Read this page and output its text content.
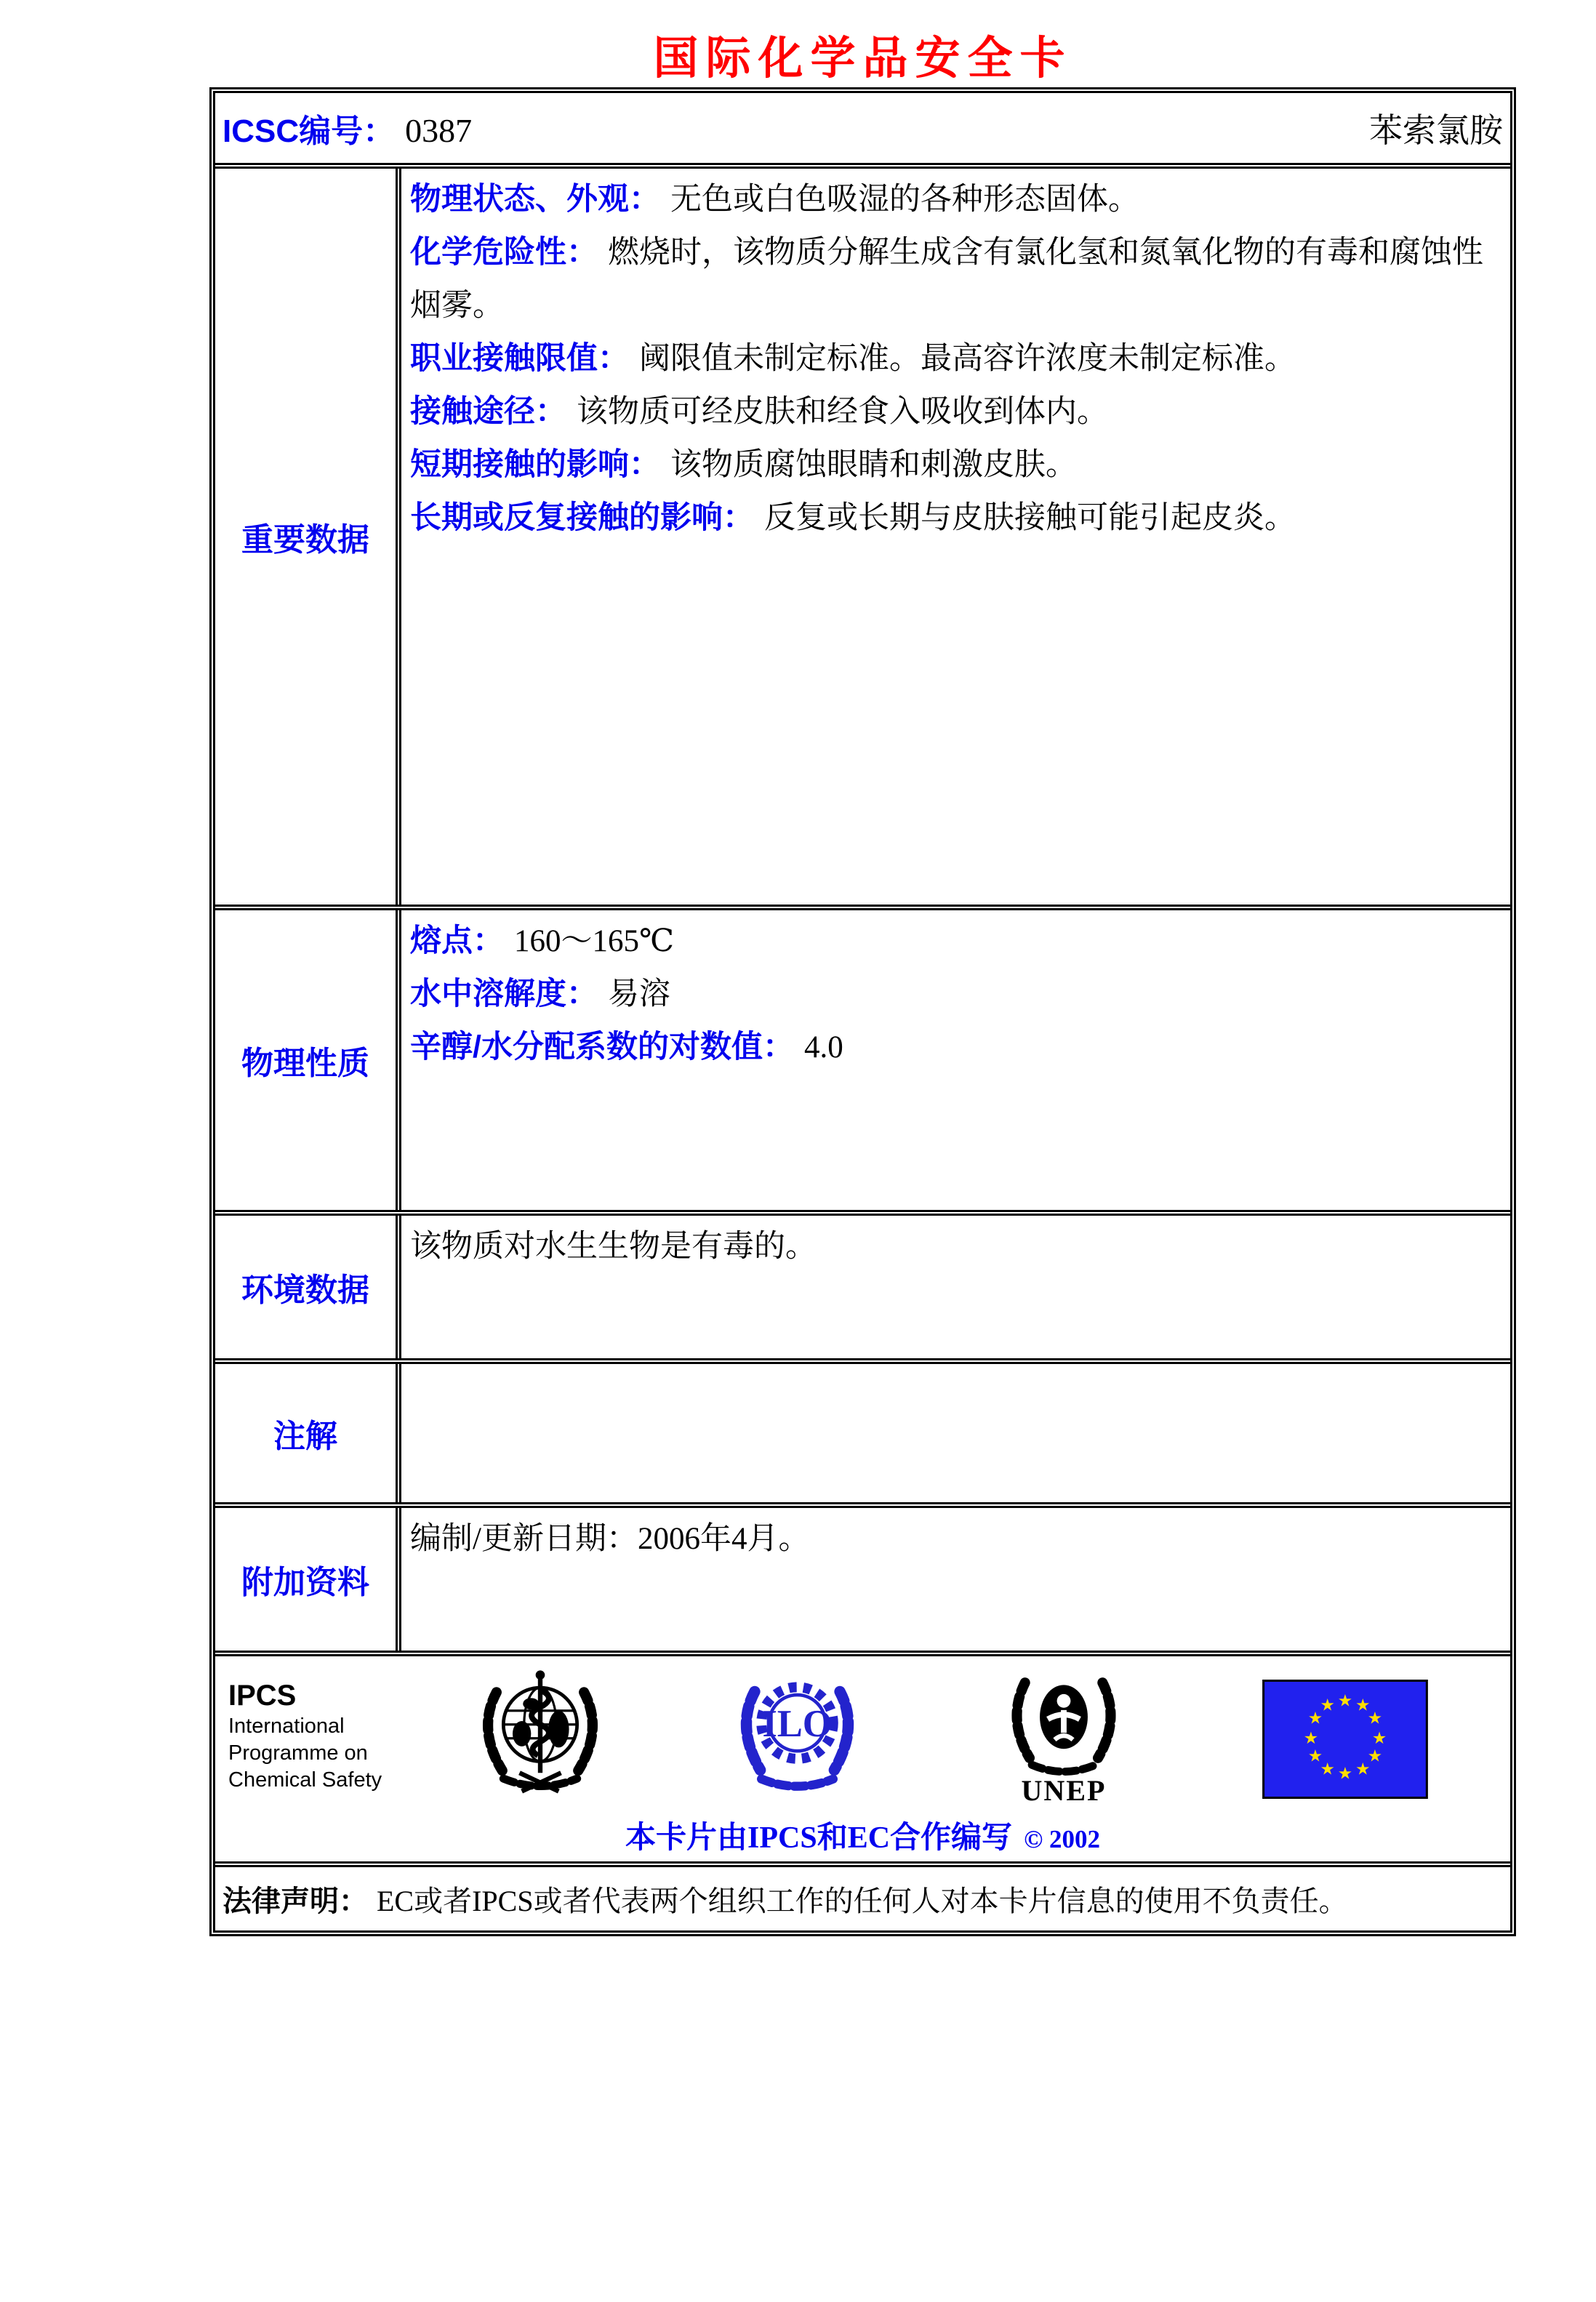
国际化学品安全卡
ICSC编号： 0387	苯索氯胺
重要数据
物理状态、外观： 无色或白色吸湿的各种形态固体。
化学危险性： 燃烧时，该物质分解生成含有氯化氢和氮氧化物的有毒和腐蚀性烟雾。
职业接触限值： 阈限值未制定标准。最高容许浓度未制定标准。
接触途径： 该物质可经皮肤和经食入吸收到体内。
短期接触的影响： 该物质腐蚀眼睛和刺激皮肤。
长期或反复接触的影响： 反复或长期与皮肤接触可能引起皮炎。
物理性质
熔点： 160～165℃
水中溶解度： 易溶
辛醇/水分配系数的对数值： 4.0
环境数据
该物质对水生生物是有毒的。
注解
附加资料
编制/更新日期：2006年4月。
IPCS
International
Programme on
Chemical Safety
ILO
UNEP
★ ★
★
★
★
★
★
★
★
★
★
★
本卡片由IPCS和EC合作编写 © 2002
法律声明： EC或者IPCS或者代表两个组织工作的任何人对本卡片信息的使用不负责任。
